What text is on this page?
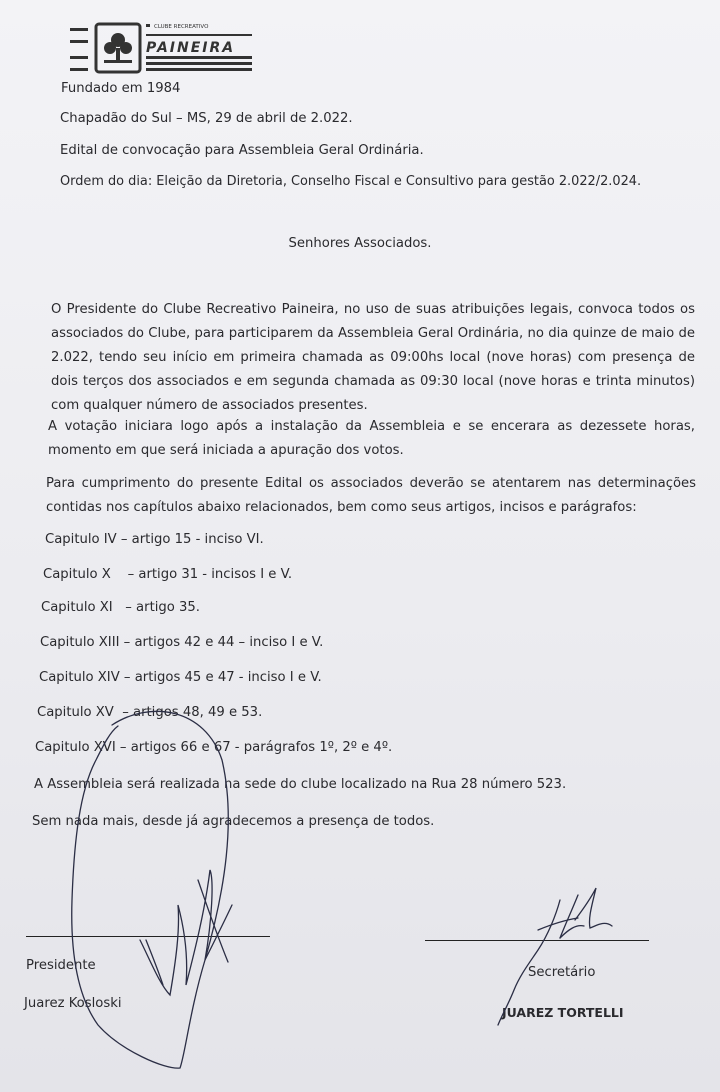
CLUBE RECREATIVO
PAINEIRA
Fundado em 1984
Chapadão do Sul – MS, 29 de abril de 2.022.
Edital de convocação para Assembleia Geral Ordinária.
Ordem do dia: Eleição da Diretoria, Conselho Fiscal e Consultivo para gestão 2.022/2.024.
Senhores Associados.
O Presidente do Clube Recreativo Paineira, no uso de suas atribuições legais, convoca todos os associados do Clube, para participarem da Assembleia Geral Ordinária, no dia quinze de maio de 2.022, tendo seu início em primeira chamada as 09:00hs local (nove horas) com presença de dois terços dos associados e em segunda chamada as 09:30 local (nove horas e trinta minutos) com qualquer número de associados presentes.
A votação iniciara logo após a instalação da Assembleia e se encerara as dezessete horas, momento em que será iniciada a apuração dos votos.
Para cumprimento do presente Edital os associados deverão se atentarem nas determinações contidas nos capítulos abaixo relacionados, bem como seus artigos, incisos e parágrafos:
Capitulo IV – artigo 15 - inciso VI.
Capitulo X    – artigo 31 - incisos I e V.
Capitulo XI   – artigo 35.
Capitulo XIII – artigos 42 e 44 – inciso I e V.
Capitulo XIV – artigos 45 e 47 - inciso I e V.
Capitulo XV  – artigos 48, 49 e 53.
Capitulo XVI – artigos 66 e 67 - parágrafos 1º, 2º e 4º.
A Assembleia será realizada na sede do clube localizado na Rua 28 número 523.
Sem nada mais, desde já agradecemos a presença de todos.
Presidente
Juarez Kosloski
Secretário
JUAREZ TORTELLI
